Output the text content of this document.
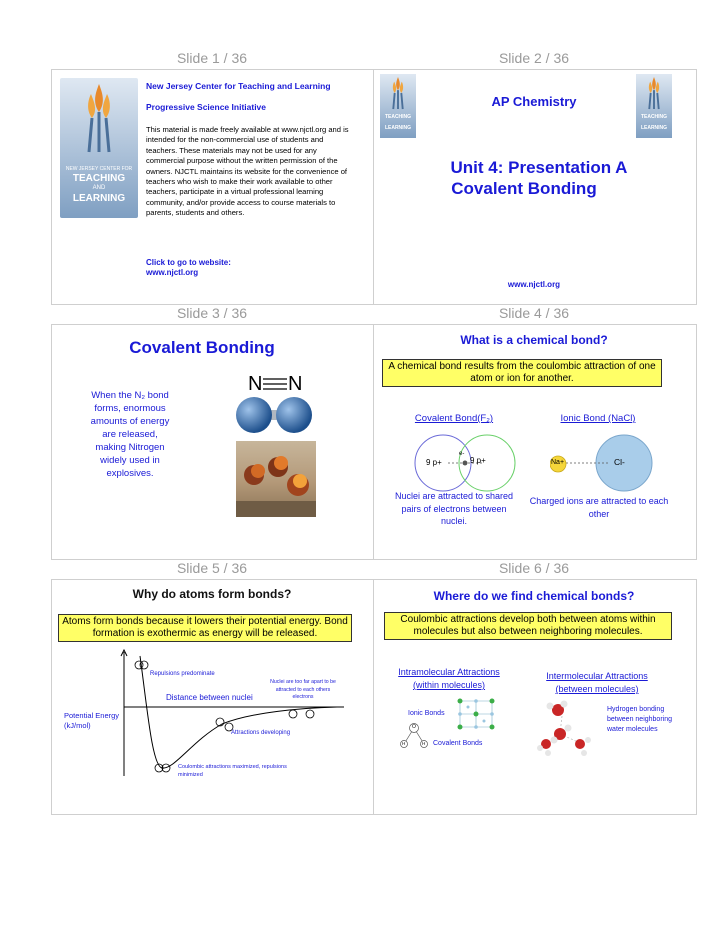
Slide 1 / 36	Slide 2 / 36
Slide 3 / 36	Slide 4 / 36
Slide 5 / 36	Slide 6 / 36
NEW JERSEY CENTER FOR
TEACHING
AND
LEARNING
New Jersey Center for Teaching and Learning
Progressive Science Initiative
This material is made freely available at www.njctl.org and is intended for the non-commercial use of students and teachers. These materials may not be used for any commercial purpose without the written permission of the owners. NJCTL maintains its website for the convenience of teachers who wish to make their work available to other teachers, participate in a virtual professional learning community, and/or provide access to course materials to parents, students and others.
Click to go to website:
www.njctl.org
TEACHING
LEARNING
TEACHING
LEARNING
AP Chemistry
Unit 4: Presentation A
Covalent Bonding
www.njctl.org
Covalent Bonding
When the N₂ bond forms, enormous amounts of energy are released, making Nitrogen widely used in explosives.
N N
What is a chemical bond?
A chemical bond results from the coulombic attraction of one atom or ion for another.
Covalent Bond(F₂)	Ionic Bond (NaCl)
9 p+	9 p+
e-
Na+	Cl-
Nuclei are attracted to shared pairs of electrons between nuclei.
Charged ions are attracted to each other
Why do atoms form bonds?
Atoms form bonds because it lowers their potential energy. Bond formation is exothermic as energy will be released.
Repulsions predominate
Nuclei are too far apart to be attracted to each others electrons
Distance between nuclei
Potential Energy (kJ/mol)
Attractions developing
Coulombic attractions maximized, repulsions minimized
Where do we find chemical bonds?
Coulombic attractions develop both between atoms within molecules but also between neighboring molecules.
Intramolecular Attractions
(within molecules)
Intermolecular Attractions
(between molecules)
Ionic Bonds
O
H	H Covalent Bonds
Hydrogen bonding between neighboring water molecules
